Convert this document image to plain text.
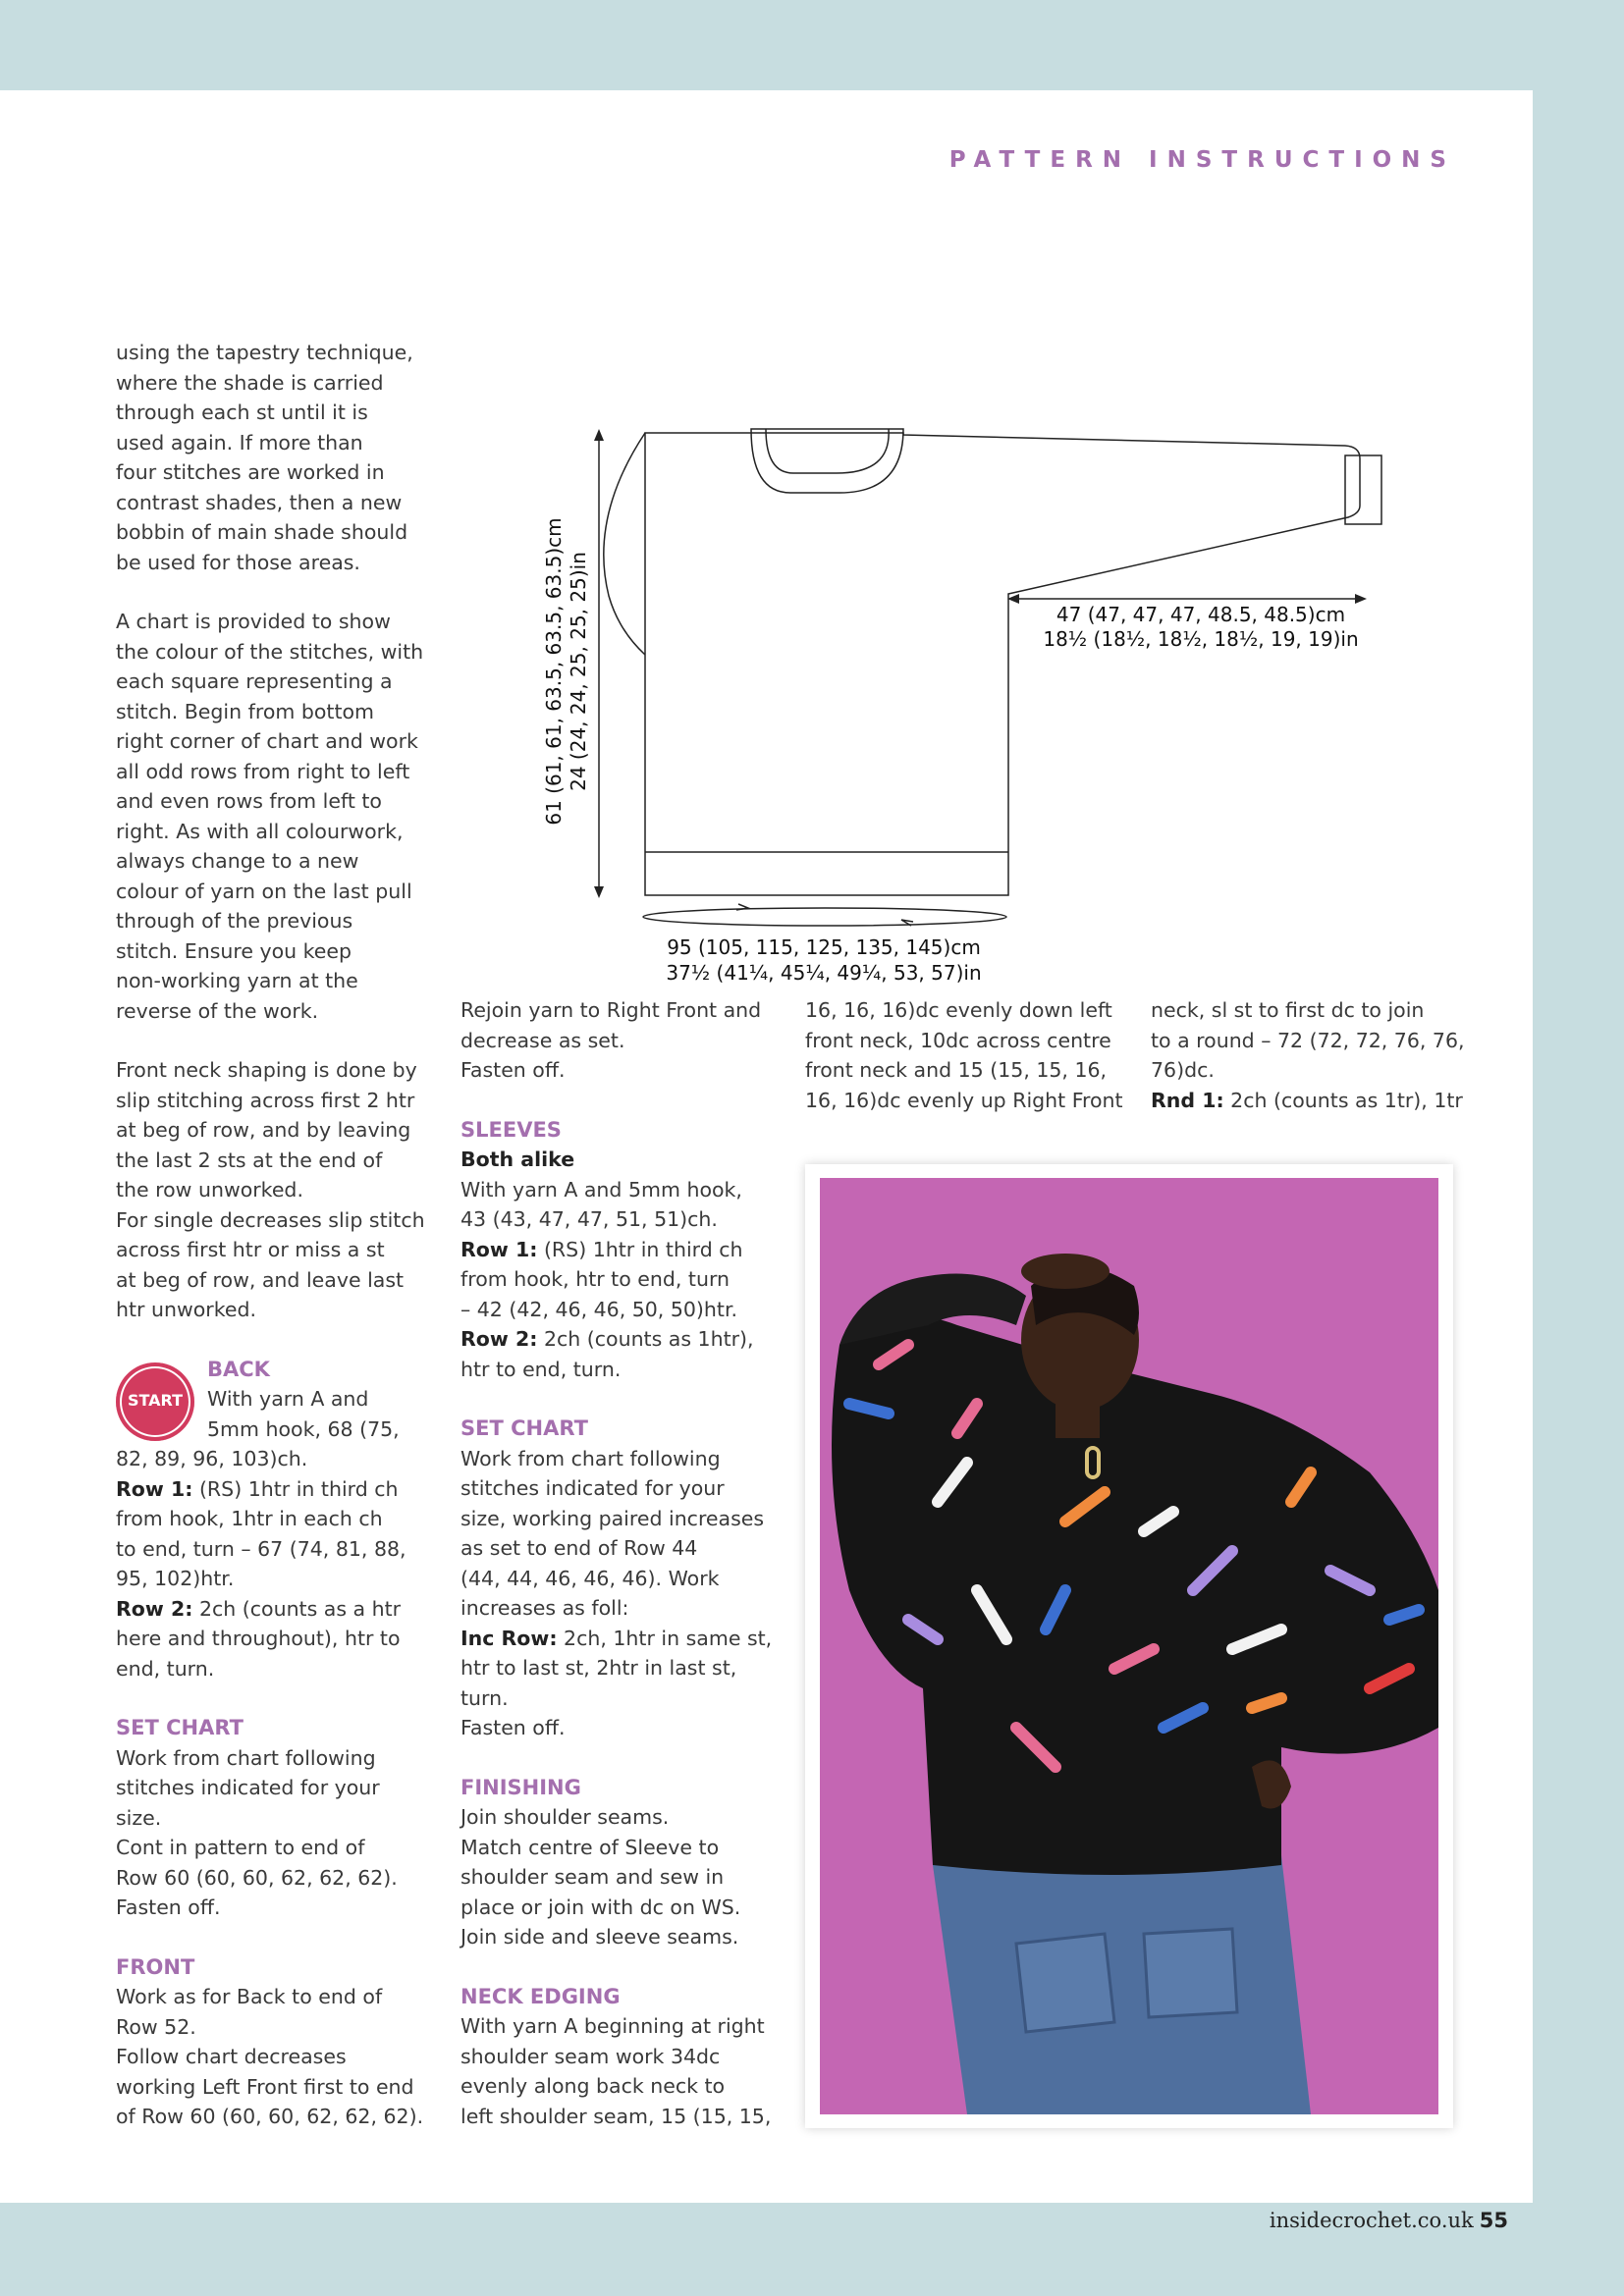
PATTERN INSTRUCTIONS
61 (61, 61, 63.5, 63.5, 63.5)cm 24 (24, 24, 25, 25, 25)in	47 (47, 47, 47, 48.5, 48.5)cm
18½ (18½, 18½, 18½, 19, 19)in
95 (105, 115, 125, 135, 145)cm
37½ (41¼, 45¼, 49¼, 53, 57)in

using the tapestry technique,
where the shade is carried
through each st until it is
used again. If more than
four stitches are worked in
contrast shades, then a new
bobbin of main shade should
be used for those areas.

A chart is provided to show
the colour of the stitches, with
each square representing a
stitch. Begin from bottom
right corner of chart and work
all odd rows from right to left
and even rows from left to
right. As with all colourwork,
always change to a new
colour of yarn on the last pull
through of the previous
stitch. Ensure you keep
non-working yarn at the
reverse of the work.

Front neck shaping is done by
slip stitching across first 2 htr
at beg of row, and by leaving
the last 2 sts at the end of
the row unworked.
For single decreases slip stitch
across first htr or miss a st
at beg of row, and leave last
htr unworked.

START

BACK

With yarn A and

5mm hook, 68 (75,

82, 89, 96, 103)ch.

Row 1: (RS) 1htr in third ch

from hook, 1htr in each ch

to end, turn – 67 (74, 81, 88,

95, 102)htr.

Row 2: 2ch (counts as a htr

here and throughout), htr to

end, turn.

SET CHART

Work from chart following

stitches indicated for your

size.

Cont in pattern to end of

Row 60 (60, 60, 62, 62, 62).

Fasten off.

FRONT

Work as for Back to end of

Row 52.

Follow chart decreases

working Left Front first to end

of Row 60 (60, 60, 62, 62, 62).

Rejoin yarn to Right Front and

decrease as set.

Fasten off.

SLEEVES

Both alike

With yarn A and 5mm hook,

43 (43, 47, 47, 51, 51)ch.

Row 1: (RS) 1htr in third ch

from hook, htr to end, turn

– 42 (42, 46, 46, 50, 50)htr.

Row 2: 2ch (counts as 1htr),

htr to end, turn.

SET CHART

Work from chart following

stitches indicated for your

size, working paired increases

as set to end of Row 44

(44, 44, 46, 46, 46). Work

increases as foll:

Inc Row: 2ch, 1htr in same st,

htr to last st, 2htr in last st,

turn.

Fasten off.

FINISHING

Join shoulder seams.

Match centre of Sleeve to

shoulder seam and sew in

place or join with dc on WS.

Join side and sleeve seams.

NECK EDGING

With yarn A beginning at right

shoulder seam work 34dc

evenly along back neck to

left shoulder seam, 15 (15, 15,

16, 16, 16)dc evenly down left

front neck, 10dc across centre

front neck and 15 (15, 15, 16,

16, 16)dc evenly up Right Front

neck, sl st to first dc to join

to a round – 72 (72, 72, 76, 76,

76)dc.

Rnd 1: 2ch (counts as 1tr), 1tr

insidecrochet.co.uk 55
